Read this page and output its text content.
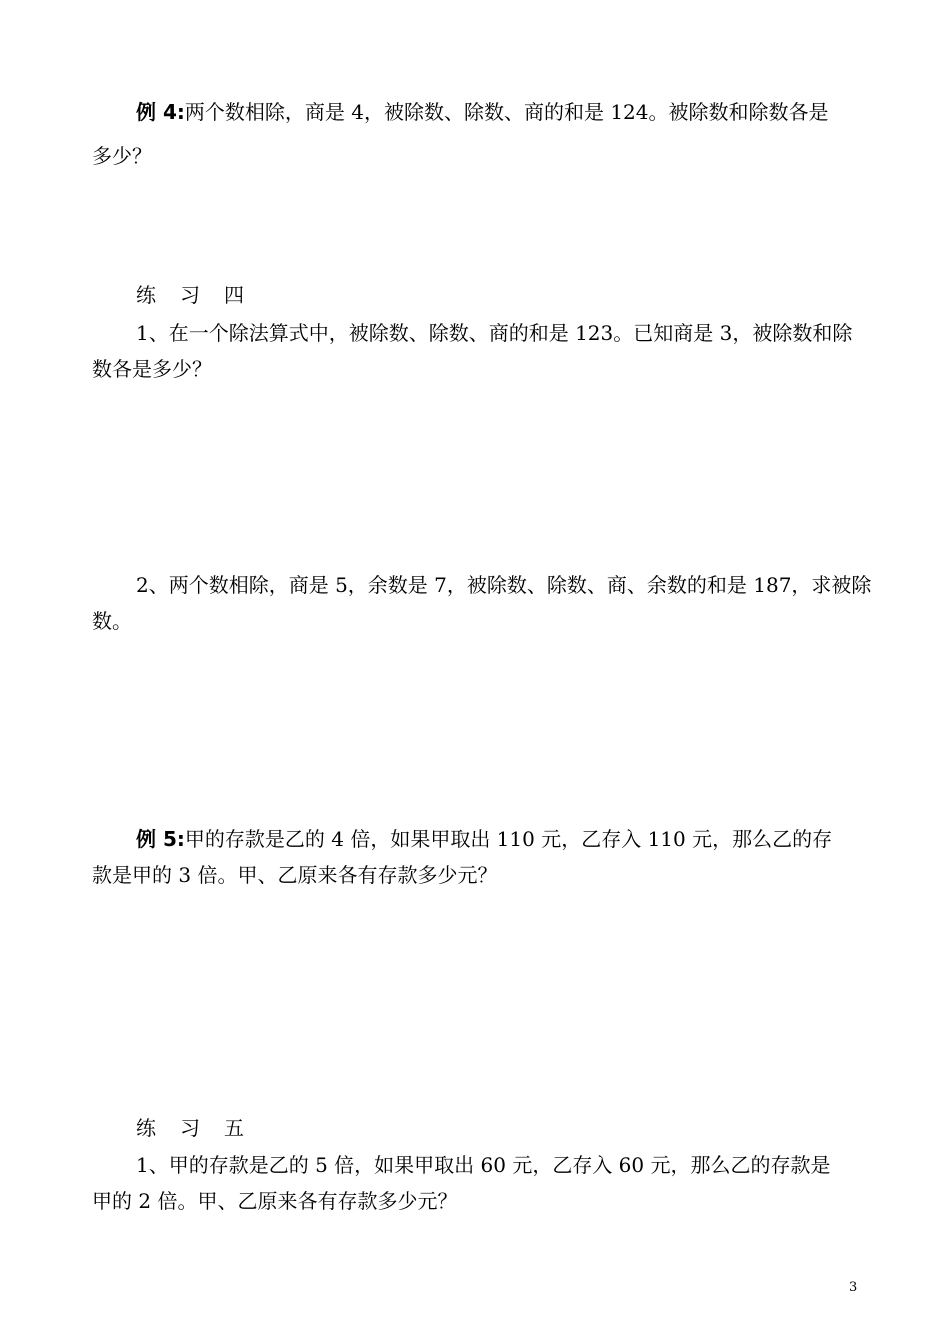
例 4:两个数相除，商是 4，被除数、除数、商的和是 124。被除数和除数各是
多少？
练 习 四
1、在一个除法算式中，被除数、除数、商的和是 123。已知商是 3，被除数和除
数各是多少？
2、两个数相除，商是 5，余数是 7，被除数、除数、商、余数的和是 187，求被除
数。
例 5:甲的存款是乙的 4 倍，如果甲取出 110 元，乙存入 110 元，那么乙的存
款是甲的 3 倍。甲、乙原来各有存款多少元？
练 习 五
1、甲的存款是乙的 5 倍，如果甲取出 60 元，乙存入 60 元，那么乙的存款是
甲的 2 倍。甲、乙原来各有存款多少元？
3
